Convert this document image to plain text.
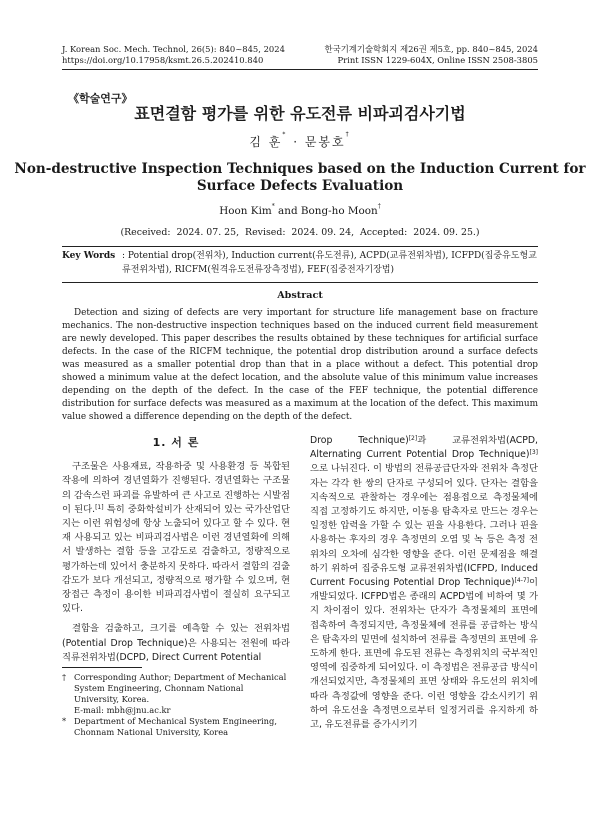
J. Korean Soc. Mech. Technol, 26(5): 840~845, 2024
https://doi.org/10.17958/ksmt.26.5.202410.840
한국기계기술학회지 제26권 제5호, pp. 840~845, 2024
Print ISSN 1229-604X, Online ISSN 2508-3805
《학술연구》
표면결함 평가를 위한 유도전류 비파괴검사기법
김 훈* · 문봉호†
Non-destructive Inspection Techniques based on the Induction Current for
Surface Defects Evaluation
Hoon Kim* and Bong-ho Moon†
(Received:  2024. 07. 25,  Revised:  2024. 09. 24,  Accepted:  2024. 09. 25.)
Key Words : Potential drop(전위차), Induction current(유도전류), ACPD(교류전위차법), ICFPD(집중유도형교류전위차법), RICFM(원격유도전류장측정법), FEF(집중전자기장법)
Abstract

Detection and sizing of defects are very important for structure life management base on fracture mechanics. The non-destructive inspection techniques based on the induced current field measurement are newly developed. This paper describes the results obtained by these techniques for artificial surface defects. In the case of the RICFM technique, the potential drop distribution around a surface defects was measured as a smaller potential drop than that in a place without a defect. This potential drop showed a minimum value at the defect location, and the absolute value of this minimum value increases depending on the depth of the defect. In the case of the FEF technique, the potential difference distribution for surface defects was measured as a maximum at the location of the defect. This maximum value showed a difference depending on the depth of the defect.

1. 서 론

구조물은 사용재료, 작용하중 및 사용환경 등 복합된 작용에 의하여 경년열화가 진행된다. 경년열화는 구조물의 감속스런 파괴를 유발하여 큰 사고로 진행하는 시발점이 된다.[1] 특히 중화학설비가 산재되어 있는 국가산업단지는 이런 위험성에 항상 노출되어 있다고 할 수 있다. 현재 사용되고 있는 비파괴검사법은 이런 경년열화에 의해서 발생하는 결함 등을 고감도로 검출하고, 정량적으로 평가하는데 있어서 충분하지 못하다. 따라서 결함의 검출감도가 보다 개선되고, 정량적으로 평가할 수 있으며, 현장접근 측정이 용이한 비파괴검사법이 절실히 요구되고 있다.

결함을 검출하고, 크기를 예측할 수 있는 전위차법(Potential Drop Technique)은 사용되는 전원에 따라 직류전위차법(DCPD, Direct Current Potential

† Corresponding Author; Department of Mechanical System Engineering, Chonnam National University, Korea.
E-mail: mbh@jnu.ac.kr
* Department of Mechanical System Engineering, Chonnam National University, Korea

Drop Technique)[2]과 교류전위차법(ACPD, Alternating Current Potential Drop Technique)[3]으로 나뉘진다. 이 방법의 전류공급단자와 전위차 측정단자는 각각 한 쌍의 단자로 구성되어 있다. 단자는 결함을 지속적으로 관찰하는 경우에는 점용접으로 측정물체에 직접 고정하기도 하지만, 이동용 탐촉자로 만드는 경우는 일정한 압력을 가할 수 있는 핀을 사용한다. 그러나 핀을 사용하는 후자의 경우 측정면의 오염 및 녹 등은 측정 전위차의 오차에 심각한 영향을 준다. 이런 문제점을 해결하기 위하여 집중유도형 교류전위차법(ICFPD, Induced Current Focusing Potential Drop Technique)[4-7]이 개발되었다. ICFPD법은 종래의 ACPD법에 비하여 몇 가지 차이점이 있다. 전위차는 단자가 측정물체의 표면에 접촉하여 측정되지만, 측정물체에 전류를 공급하는 방식은 탐촉자의 밑면에 설치하여 전류를 측정면의 표면에 유도하게 한다. 표면에 유도된 전류는 측정위치의 국부적인 영역에 집중하게 되어있다. 이 측정법은 전류공급 방식이 개선되었지만, 측정물체의 표면 상태와 유도선의 위치에 따라 측정값에 영향을 준다. 이런 영향을 감소시키기 위하여 유도선을 측정면으로부터 일정거리를 유지하게 하고, 유도전류를 증가시키기
